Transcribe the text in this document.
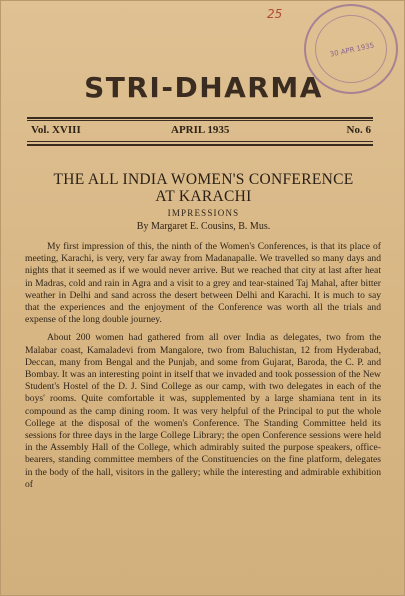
25
30 APR 1935
STRI-DHARMA
Vol. XVIII	APRIL 1935	No. 6
THE ALL INDIA WOMEN'S CONFERENCE
AT KARACHI
IMPRESSIONS
By Margaret E. Cousins, B. Mus.

My first impression of this, the ninth of the Women's Conferences, is that its place of meeting, Karachi, is very, very far away from Madanapalle. We travelled so many days and nights that it seemed as if we would never arrive. But we reached that city at last after heat in Madras, cold and rain in Agra and a visit to a grey and tear-stained Taj Mahal, after bitter weather in Delhi and sand across the desert between Delhi and Karachi. It is much to say that the experiences and the enjoyment of the Conference was worth all the trials and expense of the long double journey.

About 200 women had gathered from all over India as delegates, two from the Malabar coast, Kamaladevi from Mangalore, two from Baluchistan, 12 from Hyderabad, Deccan, many from Bengal and the Punjab, and some from Gujarat, Baroda, the C. P. and Bombay. It was an interesting point in itself that we invaded and took possession of the New Student's Hostel of the D. J. Sind College as our camp, with two delegates in each of the boys' rooms. Quite comfortable it was, supplemented by a large shamiana tent in its compound as the camp dining room. It was very helpful of the Principal to put the whole College at the disposal of the women's Conference. The Standing Committee held its sessions for three days in the large College Library; the open Conference sessions were held in the Assembly Hall of the College, which admirably suited the purpose speakers, office-bearers, standing committee members of the Constituencies on the fine platform, delegates in the body of the hall, visitors in the gallery; while the interesting and admirable exhibition of
